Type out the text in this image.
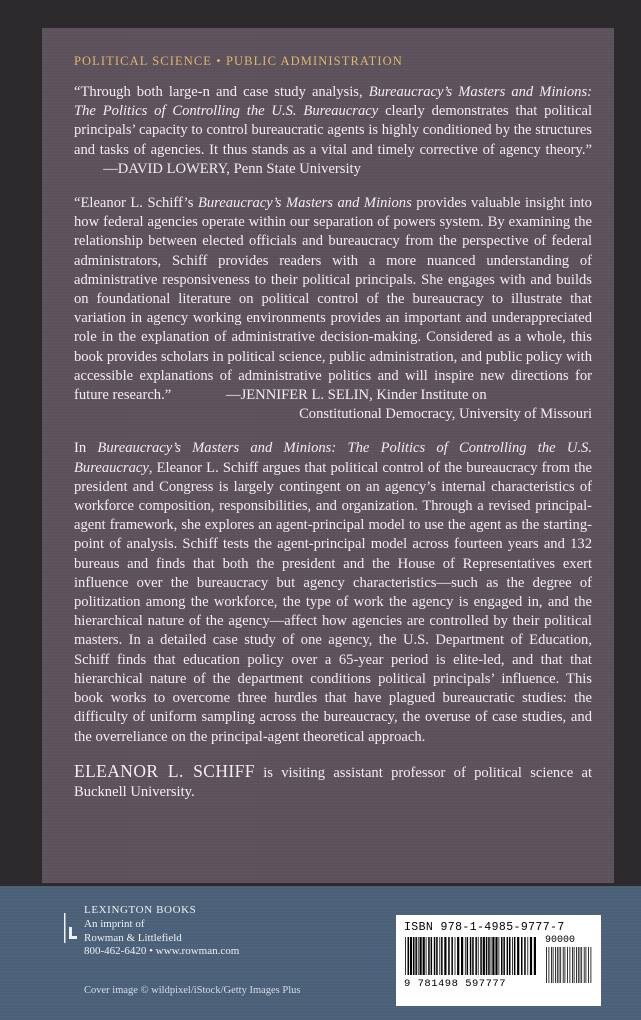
POLITICAL SCIENCE • PUBLIC ADMINISTRATION

“Through both large-n and case study analysis, Bureaucracy’s Masters and Minions: The Politics of Controlling the U.S. Bureaucracy clearly demonstrates that political principals’ capacity to control bureaucratic agents is highly conditioned by the structures and tasks of agencies. It thus stands as a vital and timely corrective of agency theory.”         —DAVID LOWERY, Penn State University

“Eleanor L. Schiff’s Bureaucracy’s Masters and Minions provides valuable insight into how federal agencies operate within our separation of powers system. By examining the relationship between elected officials and bureaucracy from the perspective of federal administrators, Schiff provides readers with a more nuanced understanding of administrative responsiveness to their political principals. She engages with and builds on foundational literature on political control of the bureaucracy to illustrate that variation in agency working environments provides an important and underappreciated role in the explanation of administrative decision-making. Considered as a whole, this book provides scholars in political science, public administration, and public policy with accessible explanations of administrative politics and will inspire new directions for future research.”	—JENNIFER L. SELIN, Kinder Institute on

Constitutional Democracy, University of Missouri

In Bureaucracy’s Masters and Minions: The Politics of Controlling the U.S. Bureaucracy, Eleanor L. Schiff argues that political control of the bureaucracy from the president and Congress is largely contingent on an agency’s internal characteristics of workforce composition, responsibilities, and organization. Through a revised principal-agent framework, she explores an agent-principal model to use the agent as the starting-point of analysis. Schiff tests the agent-principal model across fourteen years and 132 bureaus and finds that both the president and the House of Representatives exert influence over the bureaucracy but agency characteristics—such as the degree of politization among the workforce, the type of work the agency is engaged in, and the hierarchical nature of the agency—affect how agencies are controlled by their political masters. In a detailed case study of one agency, the U.S. Department of Education, Schiff finds that education policy over a 65-year period is elite-led, and that that hierarchical nature of the department conditions political principals’ influence. This book works to overcome three hurdles that have plagued bureaucratic studies: the difficulty of uniform sampling across the bureaucracy, the overuse of case studies, and the overreliance on the principal-agent theoretical approach.

ELEANOR L. SCHIFF is visiting assistant professor of political science at Bucknell University.

LEXINGTON BOOKS
An imprint of
Rowman & Littlefield
800-462-6420 • www.rowman.com
Cover image © wildpixel/iStock/Getty Images Plus
ISBN 978-1-4985-9777-7
90000
9 781498 597777
